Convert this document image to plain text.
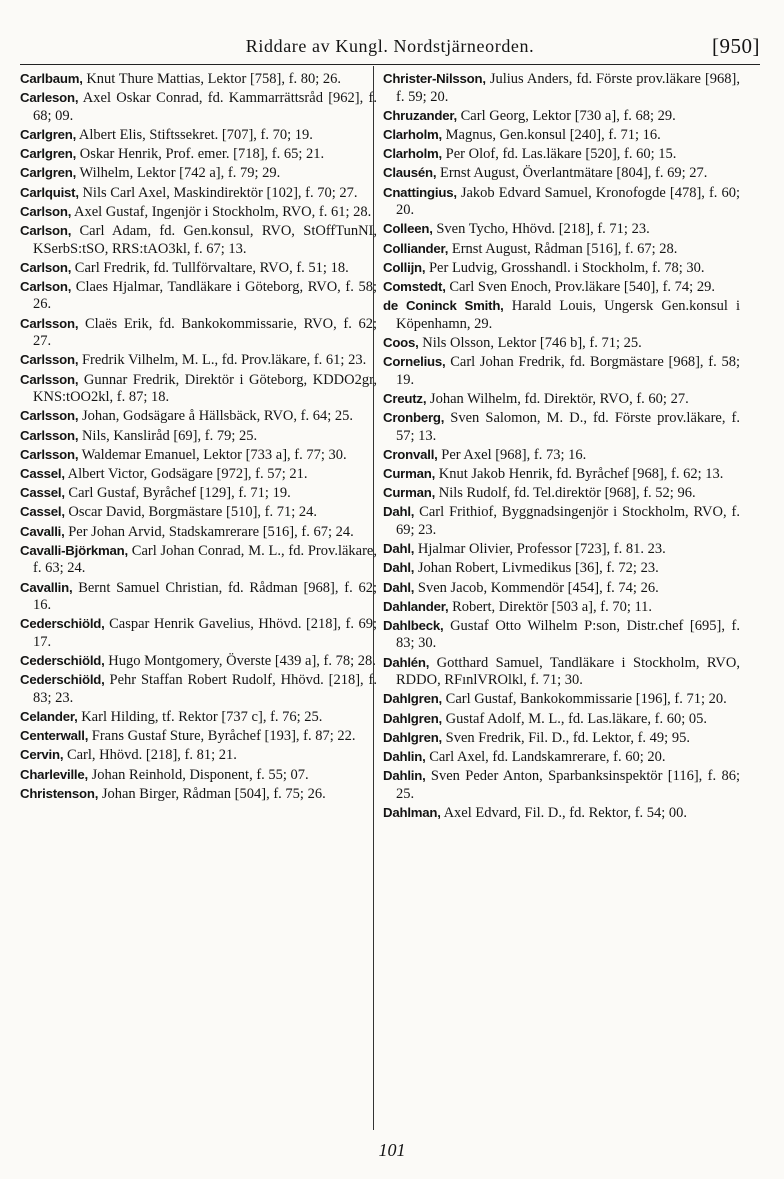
Riddare av Kungl. Nordstjärneorden.	[950]

Carlbaum, Knut Thure Mattias, Lektor [758], f. 80; 26.

Carleson, Axel Oskar Conrad, fd. Kammarrättsråd [962], f. 68; 09.

Carlgren, Albert Elis, Stiftssekret. [707], f. 70; 19.

Carlgren, Oskar Henrik, Prof. emer. [718], f. 65; 21.

Carlgren, Wilhelm, Lektor [742 a], f. 79; 29.

Carlquist, Nils Carl Axel, Maskindirektör [102], f. 70; 27.

Carlson, Axel Gustaf, Ingenjör i Stockholm, RVO, f. 61; 28.

Carlson, Carl Adam, fd. Gen.konsul, RVO, StOffTunNI, KSerbS:tSO, RRS:tAO3kl, f. 67; 13.

Carlson, Carl Fredrik, fd. Tullförvaltare, RVO, f. 51; 18.

Carlson, Claes Hjalmar, Tandläkare i Göteborg, RVO, f. 58; 26.

Carlsson, Claës Erik, fd. Bankokommissarie, RVO, f. 62; 27.

Carlsson, Fredrik Vilhelm, M. L., fd. Prov.läkare, f. 61; 23.

Carlsson, Gunnar Fredrik, Direktör i Göteborg, KDDO2gr, KNS:tOO2kl, f. 87; 18.

Carlsson, Johan, Godsägare å Hällsbäck, RVO, f. 64; 25.

Carlsson, Nils, Kansliråd [69], f. 79; 25.

Carlsson, Waldemar Emanuel, Lektor [733 a], f. 77; 30.

Cassel, Albert Victor, Godsägare [972], f. 57; 21.

Cassel, Carl Gustaf, Byråchef [129], f. 71; 19.

Cassel, Oscar David, Borgmästare [510], f. 71; 24.

Cavalli, Per Johan Arvid, Stadskamrerare [516], f. 67; 24.

Cavalli-Björkman, Carl Johan Conrad, M. L., fd. Prov.läkare, f. 63; 24.

Cavallin, Bernt Samuel Christian, fd. Rådman [968], f. 62; 16.

Cederschiöld, Caspar Henrik Gavelius, Hhövd. [218], f. 69; 17.

Cederschiöld, Hugo Montgomery, Överste [439 a], f. 78; 28.

Cederschiöld, Pehr Staffan Robert Rudolf, Hhövd. [218], f. 83; 23.

Celander, Karl Hilding, tf. Rektor [737 c], f. 76; 25.

Centerwall, Frans Gustaf Sture, Byråchef [193], f. 87; 22.

Cervin, Carl, Hhövd. [218], f. 81; 21.

Charleville, Johan Reinhold, Disponent, f. 55; 07.

Christenson, Johan Birger, Rådman [504], f. 75; 26.

Christer-Nilsson, Julius Anders, fd. Förste prov.läkare [968], f. 59; 20.

Chruzander, Carl Georg, Lektor [730 a], f. 68; 29.

Clarholm, Magnus, Gen.konsul [240], f. 71; 16.

Clarholm, Per Olof, fd. Las.läkare [520], f. 60; 15.

Clausén, Ernst August, Överlantmätare [804], f. 69; 27.

Cnattingius, Jakob Edvard Samuel, Kronofogde [478], f. 60; 20.

Colleen, Sven Tycho, Hhövd. [218], f. 71; 23.

Colliander, Ernst August, Rådman [516], f. 67; 28.

Collijn, Per Ludvig, Grosshandl. i Stockholm, f. 78; 30.

Comstedt, Carl Sven Enoch, Prov.läkare [540], f. 74; 29.

de Coninck Smith, Harald Louis, Ungersk Gen.konsul i Köpenhamn, 29.

Coos, Nils Olsson, Lektor [746 b], f. 71; 25.

Cornelius, Carl Johan Fredrik, fd. Borgmästare [968], f. 58; 19.

Creutz, Johan Wilhelm, fd. Direktör, RVO, f. 60; 27.

Cronberg, Sven Salomon, M. D., fd. Förste prov.läkare, f. 57; 13.

Cronvall, Per Axel [968], f. 73; 16.

Curman, Knut Jakob Henrik, fd. Byråchef [968], f. 62; 13.

Curman, Nils Rudolf, fd. Tel.direktör [968], f. 52; 96.

Dahl, Carl Frithiof, Byggnadsingenjör i Stockholm, RVO, f. 69; 23.

Dahl, Hjalmar Olivier, Professor [723], f. 81. 23.

Dahl, Johan Robert, Livmedikus [36], f. 72; 23.

Dahl, Sven Jacob, Kommendör [454], f. 74; 26.

Dahlander, Robert, Direktör [503 a], f. 70; 11.

Dahlbeck, Gustaf Otto Wilhelm P:son, Distr.chef [695], f. 83; 30.

Dahlén, Gotthard Samuel, Tandläkare i Stockholm, RVO, RDDO, RFınlVROlkl, f. 71; 30.

Dahlgren, Carl Gustaf, Bankokommissarie [196], f. 71; 20.

Dahlgren, Gustaf Adolf, M. L., fd. Las.läkare, f. 60; 05.

Dahlgren, Sven Fredrik, Fil. D., fd. Lektor, f. 49; 95.

Dahlin, Carl Axel, fd. Landskamrerare, f. 60; 20.

Dahlin, Sven Peder Anton, Sparbanksinspektör [116], f. 86; 25.

Dahlman, Axel Edvard, Fil. D., fd. Rektor, f. 54; 00.

101
